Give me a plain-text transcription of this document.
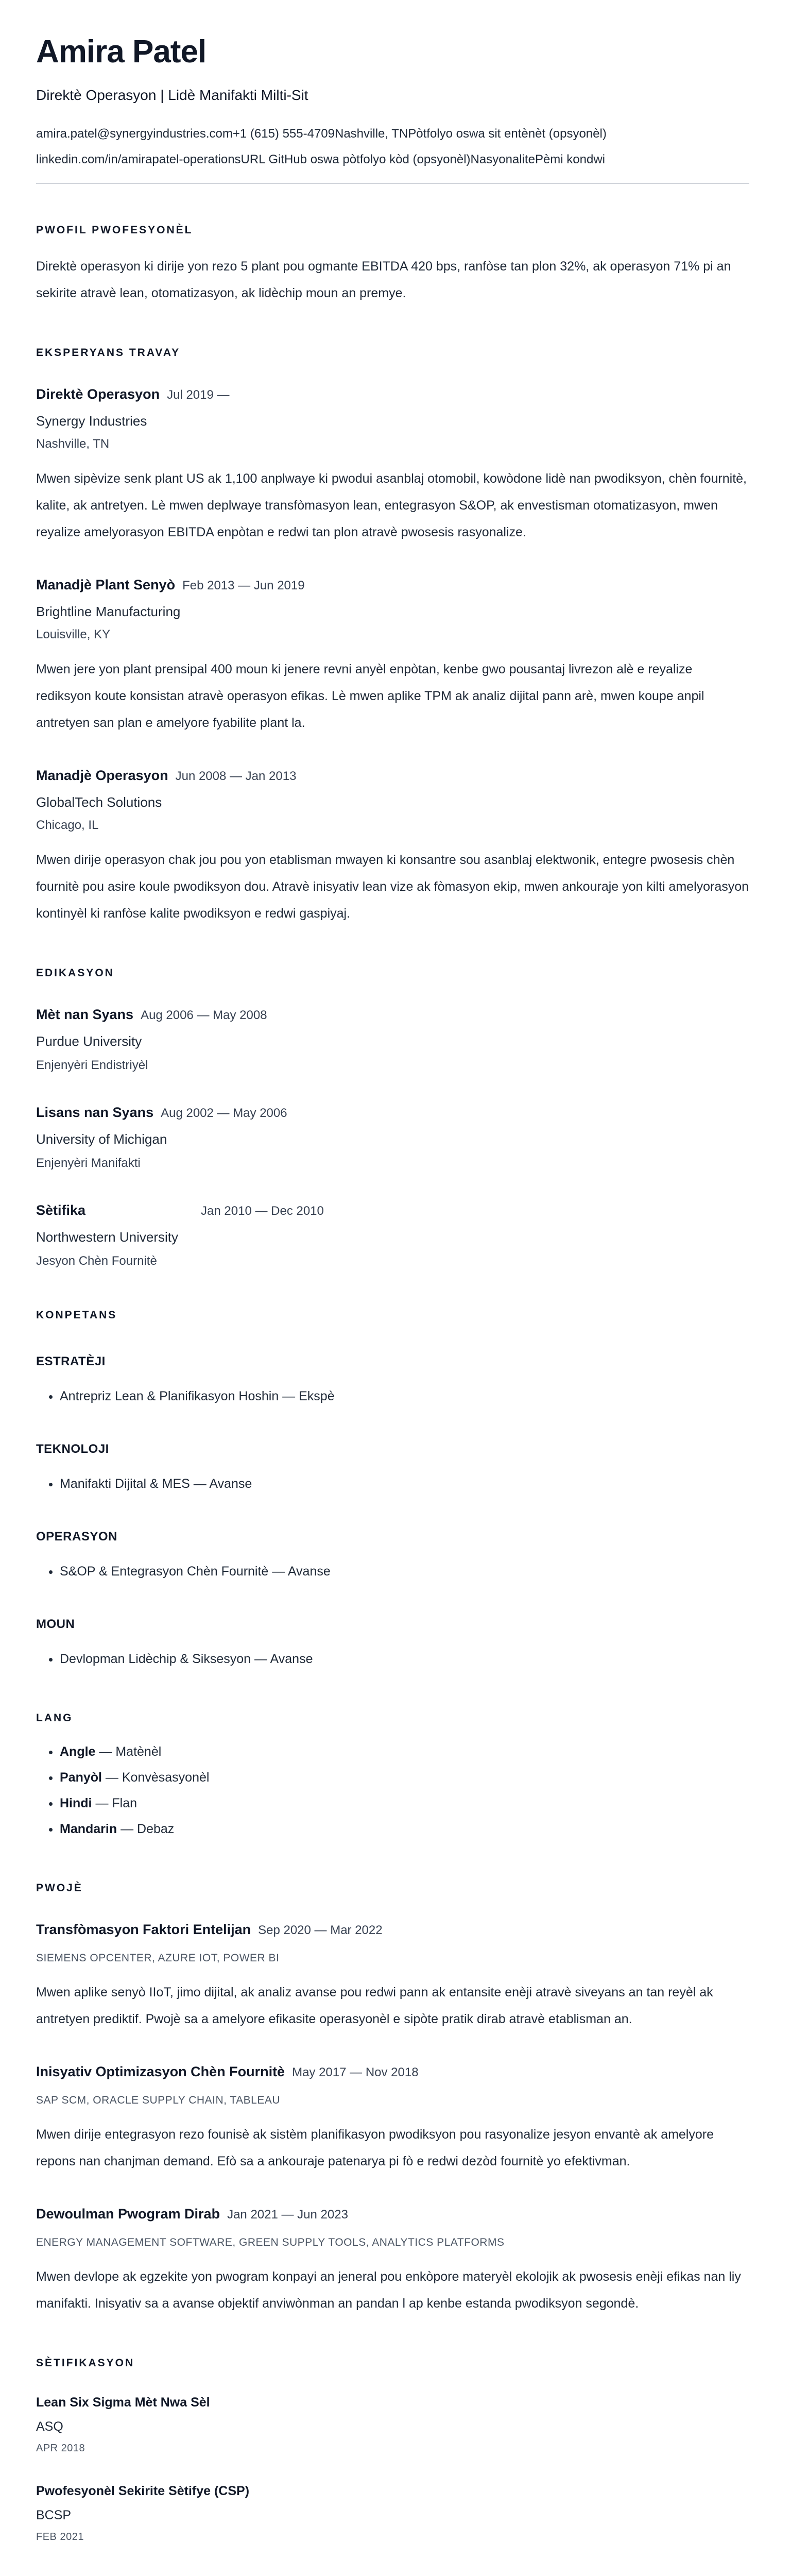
Amira Patel
Direktè Operasyon | Lidè Manifakti Milti-Sit
amira.patel@synergyindustries.com +1 (615) 555-4709 Nashville, TN Pòtfolyo oswa sit entènèt (opsyonèl)
linkedin.com/in/amirapatel-operations URL GitHub oswa pòtfolyo kòd (opsyonèl) Nasyonalite Pèmi kondwi
PWOFIL PWOFESYONÈL

Direktè operasyon ki dirije yon rezo 5 plant pou ogmante EBITDA 420 bps, ranfòse tan plon 32%, ak operasyon 71% pi an sekirite atravè lean, otomatizasyon, ak lidèchip moun an premye.

EKSPERYANS TRAVAY
Direktè Operasyon Jul 2019 —
Synergy Industries
Nashville, TN

Mwen sipèvize senk plant US ak 1,100 anplwaye ki pwodui asanblaj otomobil, kowòdone lidè nan pwodiksyon, chèn fournitè, kalite, ak antretyen. Lè mwen deplwaye transfòmasyon lean, entegrasyon S&OP, ak envestisman otomatizasyon, mwen reyalize amelyorasyon EBITDA enpòtan e redwi tan plon atravè pwosesis rasyonalize.

Manadjè Plant Senyò Feb 2013 — Jun 2019
Brightline Manufacturing
Louisville, KY

Mwen jere yon plant prensipal 400 moun ki jenere revni anyèl enpòtan, kenbe gwo pousantaj livrezon alè e reyalize rediksyon koute konsistan atravè operasyon efikas. Lè mwen aplike TPM ak analiz dijital pann arè, mwen koupe anpil antretyen san plan e amelyore fyabilite plant la.

Manadjè Operasyon Jun 2008 — Jan 2013
GlobalTech Solutions
Chicago, IL

Mwen dirije operasyon chak jou pou yon etablisman mwayen ki konsantre sou asanblaj elektwonik, entegre pwosesis chèn fournitè pou asire koule pwodiksyon dou. Atravè inisyativ lean vize ak fòmasyon ekip, mwen ankouraje yon kilti amelyorasyon kontinyèl ki ranfòse kalite pwodiksyon e redwi gaspiyaj.

EDIKASYON
Mèt nan Syans Aug 2006 — May 2008
Purdue University
Enjenyèri Endistriyèl
Lisans nan Syans Aug 2002 — May 2006
University of Michigan
Enjenyèri Manifakti
Sètifika	Jan 2010 — Dec 2010
Northwestern University
Jesyon Chèn Fournitè
KONPETANS
ESTRATÈJI
• Antrepriz Lean & Planifikasyon Hoshin — Ekspè
TEKNOLOJI
• Manifakti Dijital & MES — Avanse
OPERASYON
• S&OP & Entegrasyon Chèn Fournitè — Avanse
MOUN
• Devlopman Lidèchip & Siksesyon — Avanse
LANG
• Angle — Matènèl
• Panyòl — Konvèsasyonèl
• Hindi — Flan
• Mandarin — Debaz
PWOJÈ
Transfòmasyon Faktori Entelijan Sep 2020 — Mar 2022
SIEMENS OPCENTER, AZURE IOT, POWER BI

Mwen aplike senyò IIoT, jimo dijital, ak analiz avanse pou redwi pann ak entansite enèji atravè siveyans an tan reyèl ak antretyen prediktif. Pwojè sa a amelyore efikasite operasyonèl e sipòte pratik dirab atravè etablisman an.

Inisyativ Optimizasyon Chèn Fournitè May 2017 — Nov 2018
SAP SCM, ORACLE SUPPLY CHAIN, TABLEAU

Mwen dirije entegrasyon rezo founisè ak sistèm planifikasyon pwodiksyon pou rasyonalize jesyon envantè ak amelyore repons nan chanjman demand. Efò sa a ankouraje patenarya pi fò e redwi dezòd fournitè yo efektivman.

Dewoulman Pwogram Dirab Jan 2021 — Jun 2023
ENERGY MANAGEMENT SOFTWARE, GREEN SUPPLY TOOLS, ANALYTICS PLATFORMS

Mwen devlope ak egzekite yon pwogram konpayi an jeneral pou enkòpore materyèl ekolojik ak pwosesis enèji efikas nan liy manifakti. Inisyativ sa a avanse objektif anviwònman an pandan l ap kenbe estanda pwodiksyon segondè.

SÈTIFIKASYON
Lean Six Sigma Mèt Nwa Sèl
ASQ
APR 2018
Pwofesyonèl Sekirite Sètifye (CSP)
BCSP
FEB 2021
